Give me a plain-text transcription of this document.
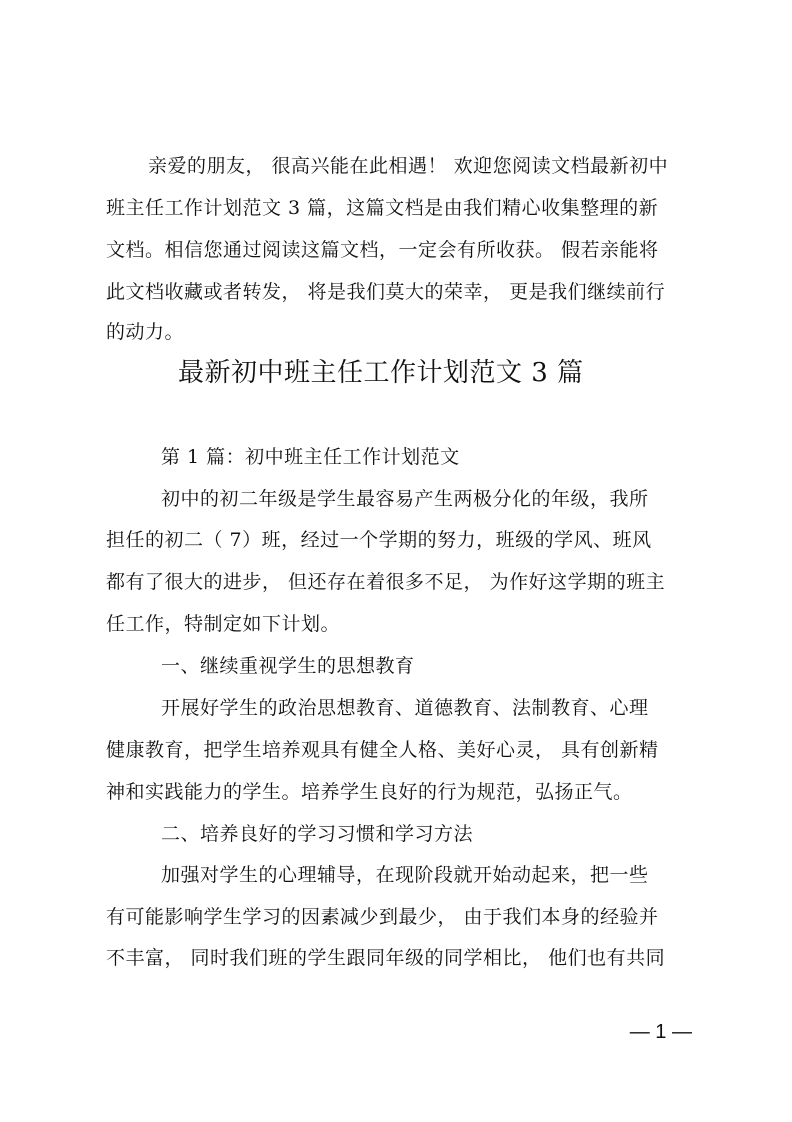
亲爱的朋友， 很高兴能在此相遇！ 欢迎您阅读文档最新初中
班主任工作计划范文 3 篇，这篇文档是由我们精心收集整理的新
文档。相信您通过阅读这篇文档，一定会有所收获。 假若亲能将
此文档收藏或者转发， 将是我们莫大的荣幸， 更是我们继续前行
的动力。
最新初中班主任工作计划范文 3 篇
第 1 篇：初中班主任工作计划范文
初中的初二年级是学生最容易产生两极分化的年级，我所
担任的初二（ 7）班，经过一个学期的努力，班级的学风、班风
都有了很大的进步， 但还存在着很多不足， 为作好这学期的班主
任工作，特制定如下计划。
一、继续重视学生的思想教育
开展好学生的政治思想教育、道德教育、法制教育、心理
健康教育，把学生培养观具有健全人格、美好心灵， 具有创新精
神和实践能力的学生。培养学生良好的行为规范，弘扬正气。
二、培养良好的学习习惯和学习方法
加强对学生的心理辅导，在现阶段就开始动起来，把一些
有可能影响学生学习的因素减少到最少， 由于我们本身的经验并
不丰富， 同时我们班的学生跟同年级的同学相比， 他们也有共同
— 1 —
